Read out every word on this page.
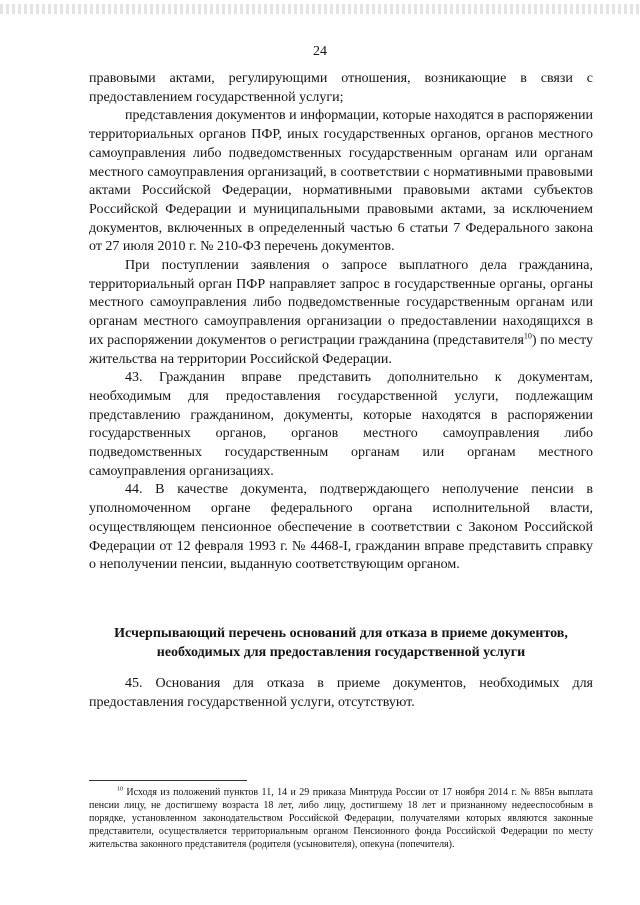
24

правовыми актами, регулирующими отношения, возникающие в связи с предоставлением государственной услуги;

представления документов и информации, которые находятся в распоряжении территориальных органов ПФР, иных государственных органов, органов местного самоуправления либо подведомственных государственным органам или органам местного самоуправления организаций, в соответствии с нормативными правовыми актами Российской Федерации, нормативными правовыми актами субъектов Российской Федерации и муниципальными правовыми актами, за исключением документов, включенных в определенный частью 6 статьи 7 Федерального закона от 27 июля 2010 г. № 210-ФЗ перечень документов.

При поступлении заявления о запросе выплатного дела гражданина, территориальный орган ПФР направляет запрос в государственные органы, органы местного самоуправления либо подведомственные государственным органам или органам местного самоуправления организации о предоставлении находящихся в их распоряжении документов о регистрации гражданина (представителя$^{10}$) по месту жительства на территории Российской Федерации.

43. Гражданин вправе представить дополнительно к документам, необходимым для предоставления государственной услуги, подлежащим представлению гражданином, документы, которые находятся в распоряжении государственных органов, органов местного самоуправления либо подведомственных государственным органам или органам местного самоуправления организациях.

44. В качестве документа, подтверждающего неполучение пенсии в уполномоченном органе федерального органа исполнительной власти, осуществляющем пенсионное обеспечение в соответствии с Законом Российской Федерации от 12 февраля 1993 г. № 4468-I, гражданин вправе представить справку о неполучении пенсии, выданную соответствующим органом.

Исчерпывающий перечень оснований для отказа в приеме документов,
необходимых для предоставления государственной услуги

45. Основания для отказа в приеме документов, необходимых для предоставления государственной услуги, отсутствуют.

$^{10}$ Исходя из положений пунктов 11, 14 и 29 приказа Минтруда России от 17 ноября 2014 г. № 885н выплата пенсии лицу, не достигшему возраста 18 лет, либо лицу, достигшему 18 лет и признанному недееспособным в порядке, установленном законодательством Российской Федерации, получателями которых являются законные представители, осуществляется территориальным органом Пенсионного фонда Российской Федерации по месту жительства законного представителя (родителя (усыновителя), опекуна (попечителя).
